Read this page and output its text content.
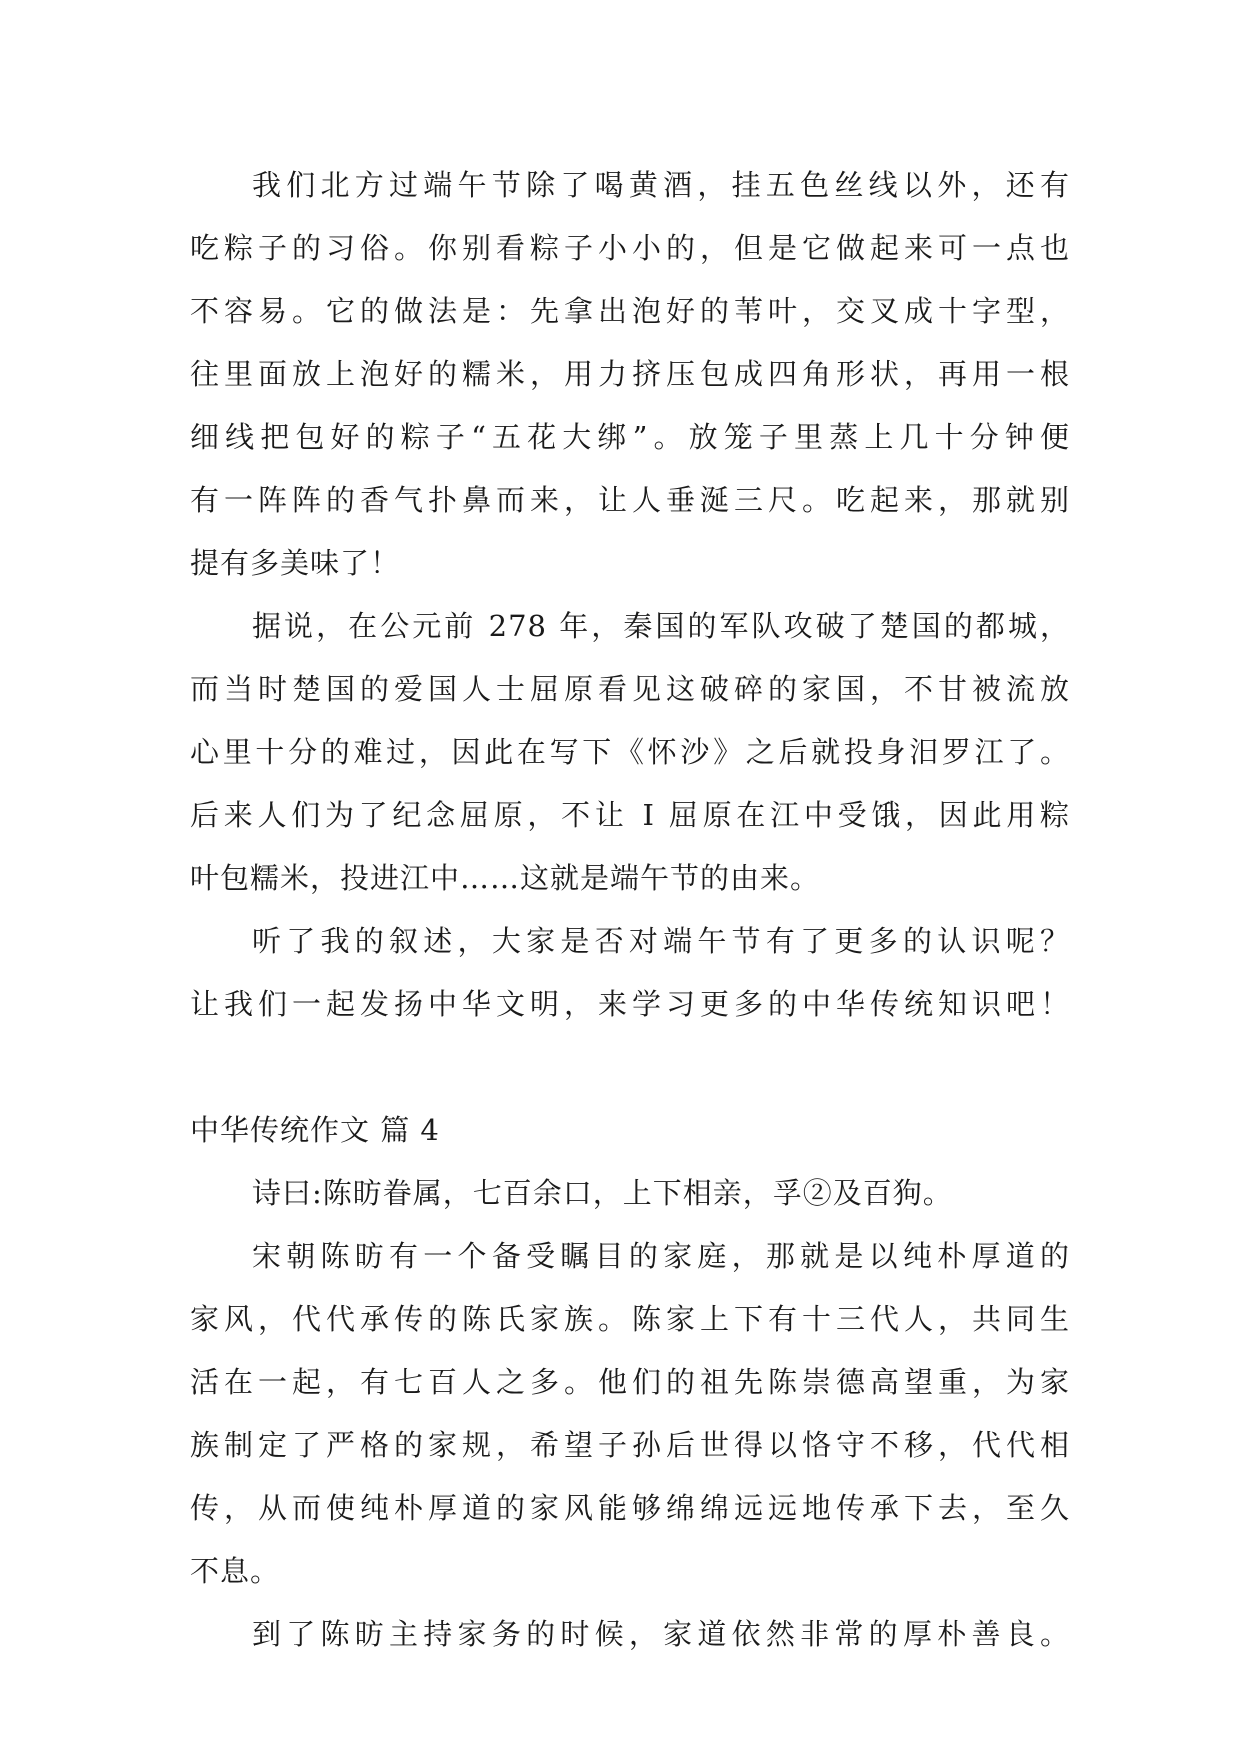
我们北方过端午节除了喝黄酒，挂五色丝线以外，还有
吃粽子的习俗。你别看粽子小小的，但是它做起来可一点也
不容易。它的做法是：先拿出泡好的苇叶，交叉成十字型，
往里面放上泡好的糯米，用力挤压包成四角形状，再用一根
细线把包好的粽子“五花大绑”。放笼子里蒸上几十分钟便
有一阵阵的香气扑鼻而来，让人垂涎三尺。吃起来，那就别
提有多美味了！
据说，在公元前 278 年，秦国的军队攻破了楚国的都城，
而当时楚国的爱国人士屈原看见这破碎的家国，不甘被流放
心里十分的难过，因此在写下《怀沙》之后就投身汨罗江了。
后来人们为了纪念屈原，不让 I 屈原在江中受饿，因此用粽
叶包糯米，投进江中……这就是端午节的由来。
听了我的叙述，大家是否对端午节有了更多的认识呢？
让我们一起发扬中华文明，来学习更多的中华传统知识吧！
中华传统作文 篇 4
诗曰:陈昉眷属，七百余口，上下相亲，孚②及百狗。
宋朝陈昉有一个备受瞩目的家庭，那就是以纯朴厚道的
家风，代代承传的陈氏家族。陈家上下有十三代人，共同生
活在一起，有七百人之多。他们的祖先陈崇德高望重，为家
族制定了严格的家规，希望子孙后世得以恪守不移，代代相
传，从而使纯朴厚道的家风能够绵绵远远地传承下去，至久
不息。
到了陈昉主持家务的时候，家道依然非常的厚朴善良。
